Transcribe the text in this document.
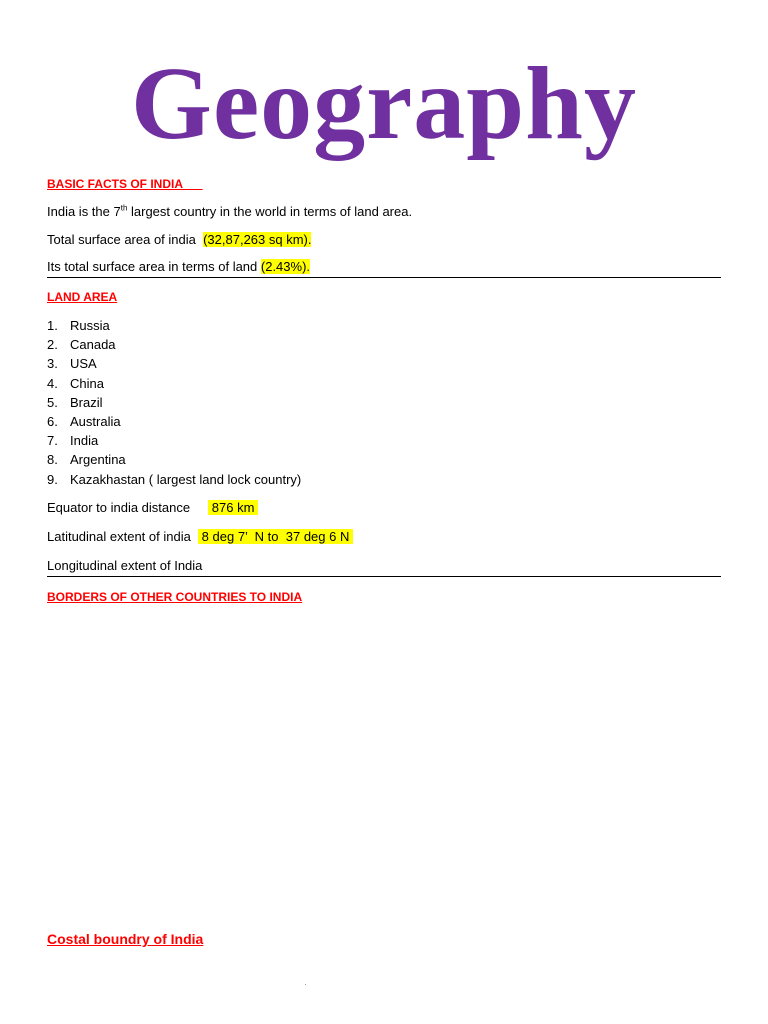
Geography
BASIC FACTS OF INDIA
India is the 7th largest country in the world in terms of land area.
Total surface area of india  (32,87,263 sq km).
Its total surface area in terms of land (2.43%).
LAND AREA
1. Russia
2. Canada
3. USA
4. China
5. Brazil
6. Australia
7. India
8. Argentina
9. Kazakhastan ( largest land lock country)
Equator to india distance      876 km
Latitudinal extent of india   8 deg 7’  N to  37 deg 6 N
Longitudinal extent of India
BORDERS OF OTHER COUNTRIES TO INDIA
Costal boundry of India
